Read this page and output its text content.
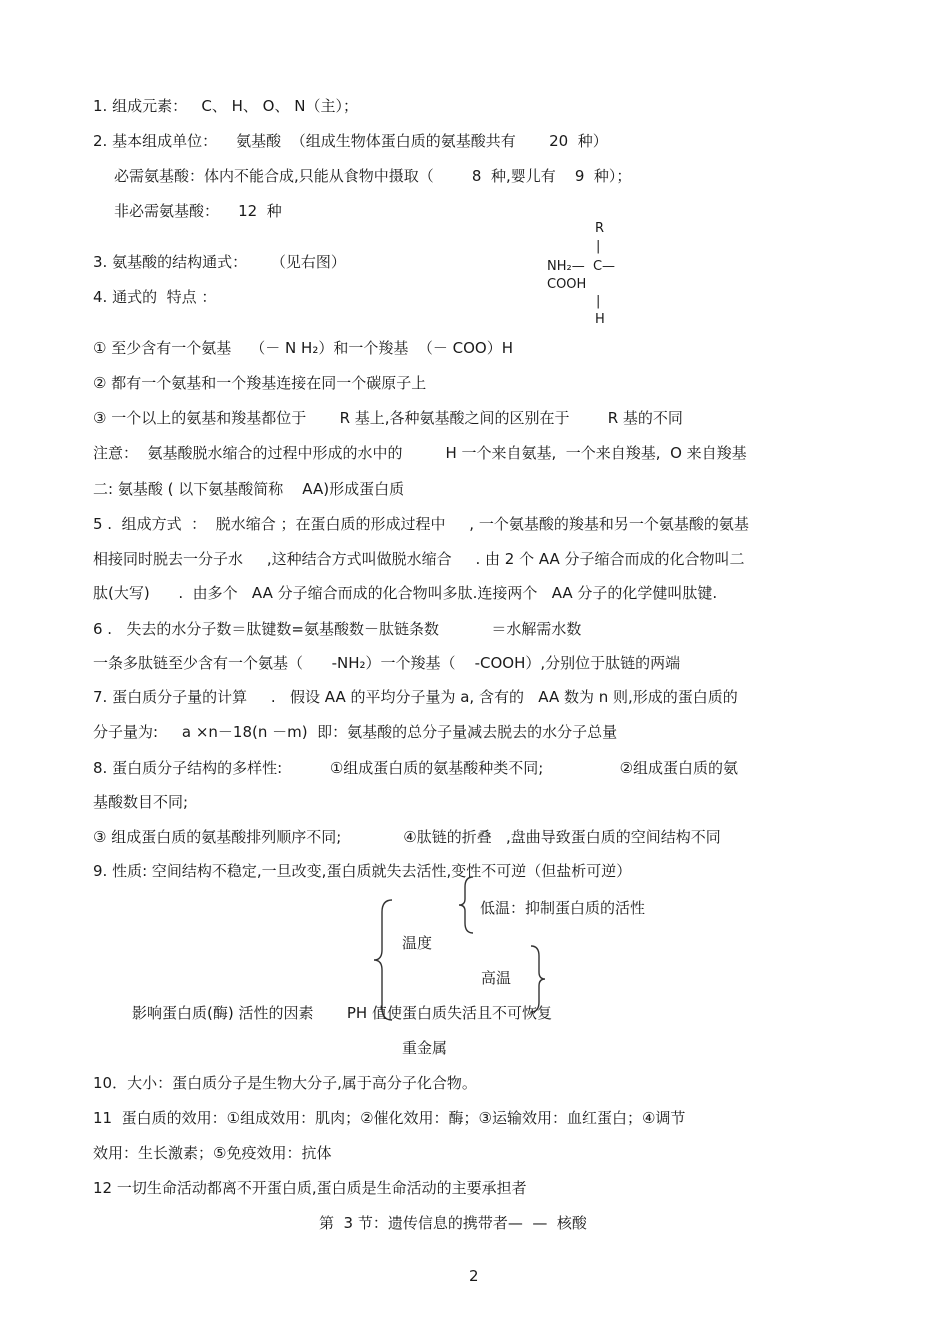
1. 组成元素：   C、 H、 O、 N（主）；
2. 基本组成单位：    氨基酸  （组成生物体蛋白质的氨基酸共有       20  种）
必需氨基酸：体内不能合成,只能从食物中摄取（        8  种,婴儿有    9  种）；
非必需氨基酸：    12  种
R
|
3. 氨基酸的结构通式：     （见右图）	NH₂—  C—
COOH
4. 通式的  特点 ：	|
H
① 至少含有一个氨基    （－ N H₂）和一个羧基  （－ COO）H
② 都有一个氨基和一个羧基连接在同一个碳原子上
③ 一个以上的氨基和羧基都位于       R 基上,各种氨基酸之间的区别在于        R 基的不同
注意：  氨基酸脱水缩合的过程中形成的水中的         H 一个来自氨基,  一个来自羧基,  O 来自羧基
二: 氨基酸 ( 以下氨基酸简称    AA)形成蛋白质
5 .  组成方式  ：  脱水缩合 ；在蛋白质的形成过程中     , 一个氨基酸的羧基和另一个氨基酸的氨基
相接同时脱去一分子水     ,这种结合方式叫做脱水缩合     . 由 2 个 AA 分子缩合而成的化合物叫二
肽(大写)      .  由多个   AA 分子缩合而成的化合物叫多肽.连接两个   AA 分子的化学健叫肽键.
6 .   失去的水分子数＝肽键数=氨基酸数－肽链条数           ＝水解需水数
一条多肽链至少含有一个氨基（      -NH₂）一个羧基（    -COOH）,分别位于肽链的两端
7. 蛋白质分子量的计算     .   假设 AA 的平均分子量为 a, 含有的   AA 数为 n 则,形成的蛋白质的
分子量为:     a ×n－18(n －m)  即：氨基酸的总分子量减去脱去的水分子总量
8. 蛋白质分子结构的多样性:          ①组成蛋白质的氨基酸种类不同;                ②组成蛋白质的氨
基酸数目不同;
③ 组成蛋白质的氨基酸排列顺序不同;             ④肽链的折叠   ,盘曲导致蛋白质的空间结构不同
9. 性质: 空间结构不稳定,一旦改变,蛋白质就失去活性,变性不可逆（但盐析可逆）
低温：抑制蛋白质的活性
温度
高温
影响蛋白质(酶) 活性的因素       PH 值使蛋白质失活且不可恢复
重金属
10．大小：蛋白质分子是生物大分子,属于高分子化合物。
11  蛋白质的效用：①组成效用：肌肉；②催化效用：酶；③运输效用：血红蛋白；④调节
效用：生长激素；⑤免疫效用：抗体
12 一切生命活动都离不开蛋白质,蛋白质是生命活动的主要承担者
第  3 节：遗传信息的携带者—  —  核酸
2
